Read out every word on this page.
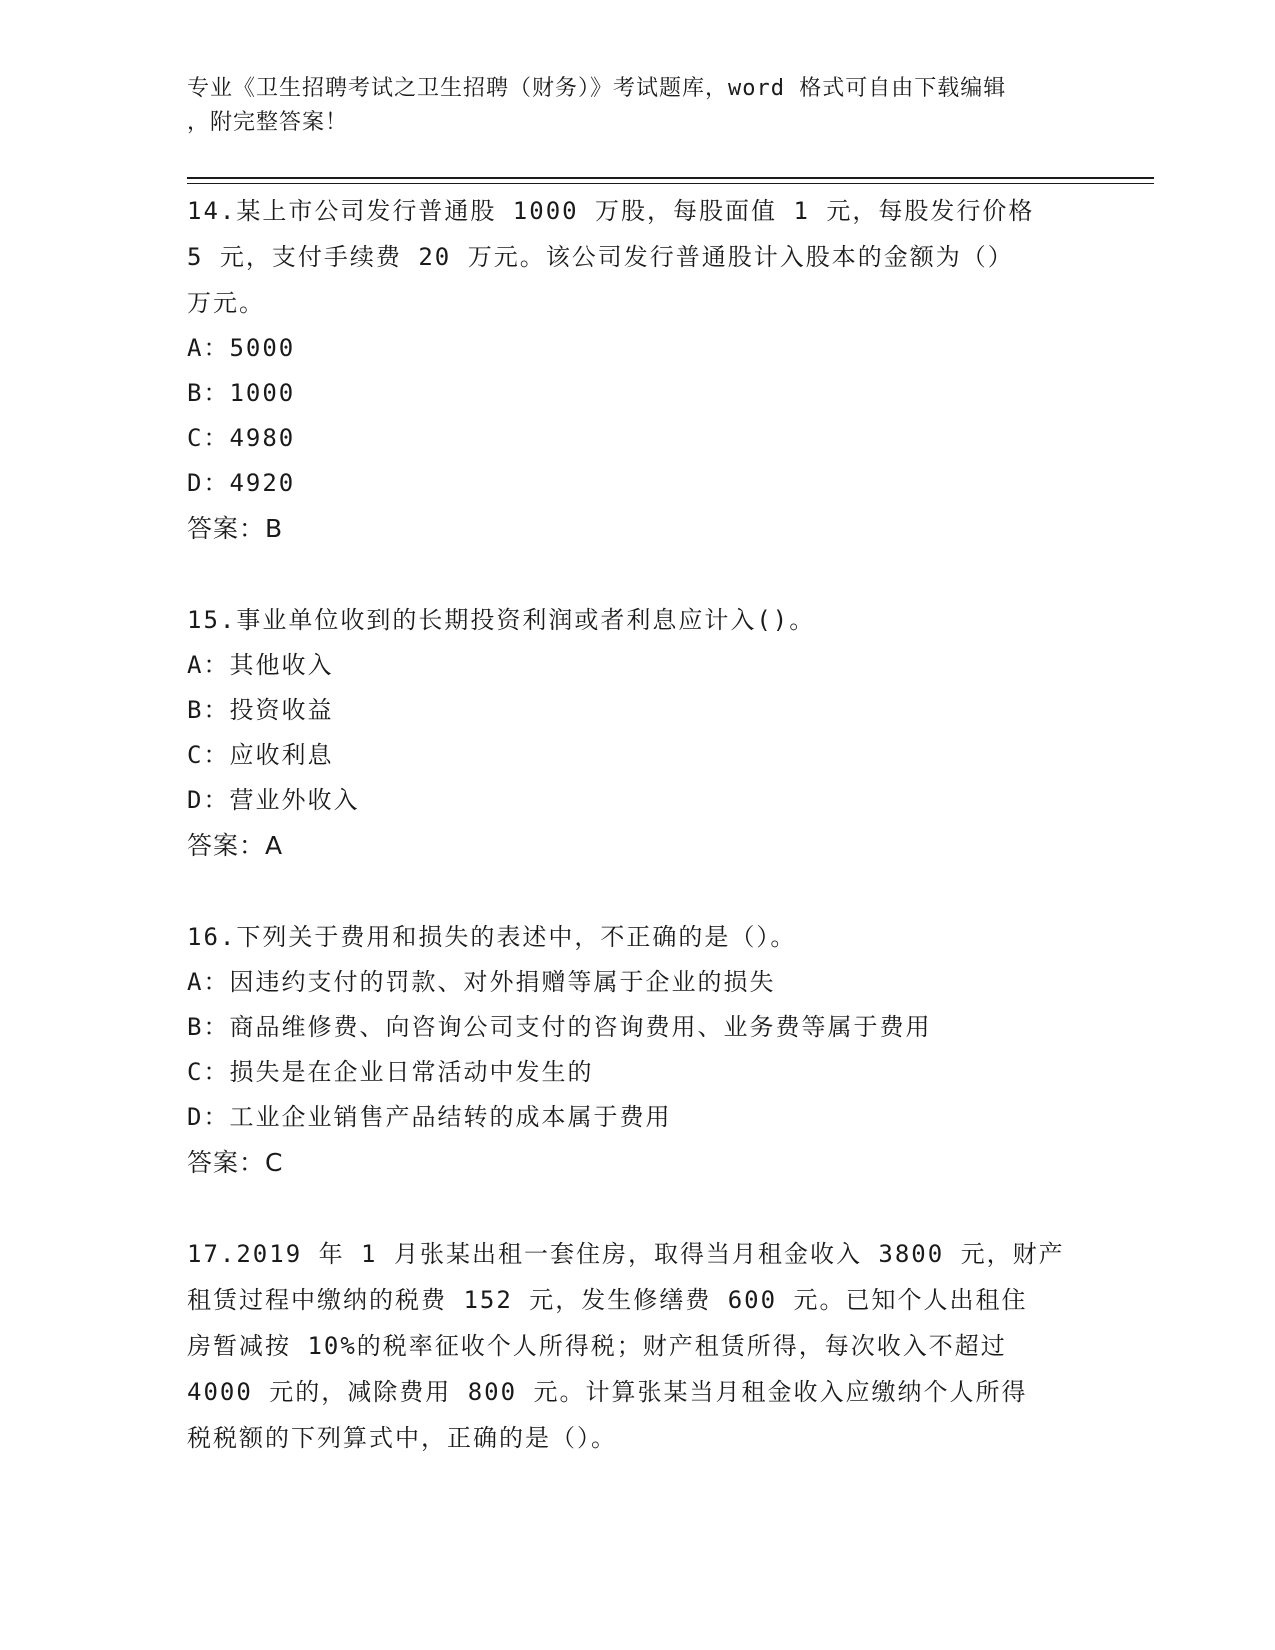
专业《卫生招聘考试之卫生招聘（财务）》考试题库，word 格式可自由下载编辑
，附完整答案！

14.某上市公司发行普通股 1000 万股，每股面值 1 元，每股发行价格

5 元，支付手续费 20 万元。该公司发行普通股计入股本的金额为（）

万元。

A：5000

B：1000

C：4980

D：4920

答案：B

15.事业单位收到的长期投资利润或者利息应计入()。

A：其他收入

B：投资收益

C：应收利息

D：营业外收入

答案：A

16.下列关于费用和损失的表述中，不正确的是（）。

A：因违约支付的罚款、对外捐赠等属于企业的损失

B：商品维修费、向咨询公司支付的咨询费用、业务费等属于费用

C：损失是在企业日常活动中发生的

D：工业企业销售产品结转的成本属于费用

答案：C

17.2019 年 1 月张某出租一套住房，取得当月租金收入 3800 元，财产

租赁过程中缴纳的税费 152 元，发生修缮费 600 元。已知个人出租住

房暂减按 10%的税率征收个人所得税；财产租赁所得，每次收入不超过

4000 元的，减除费用 800 元。计算张某当月租金收入应缴纳个人所得

税税额的下列算式中，正确的是（）。
